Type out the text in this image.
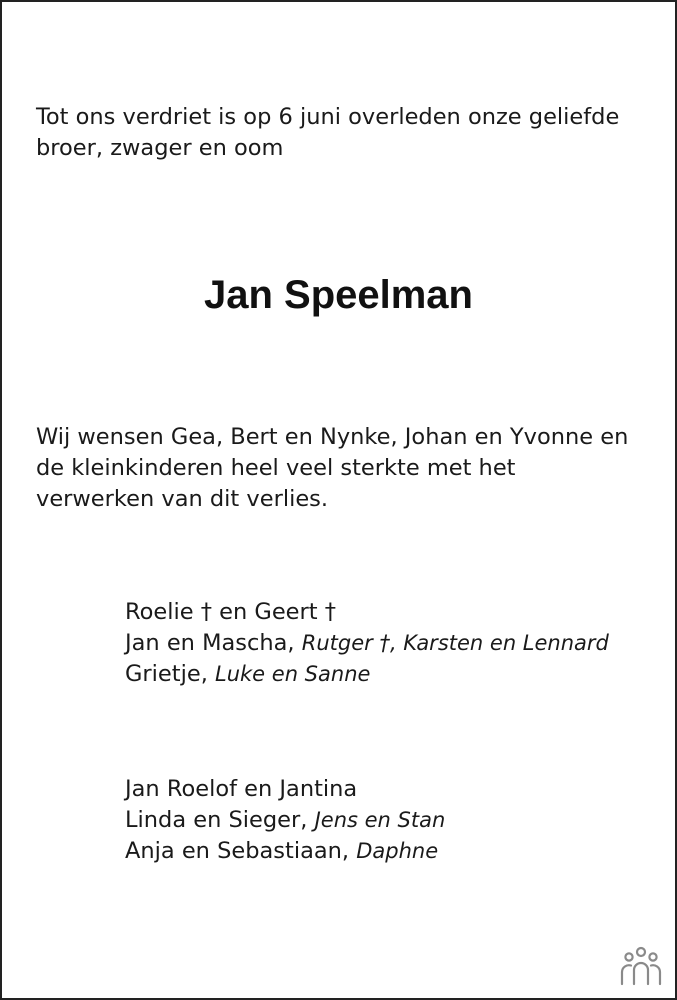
Tot ons verdriet is op 6 juni overleden onze geliefde
broer, zwager en oom

Jan Speelman

Wij wensen Gea, Bert en Nynke, Johan en Yvonne en
de kleinkinderen heel veel sterkte met het
verwerken van dit verlies.

Roelie † en Geert †
Jan en Mascha, Rutger †, Karsten en Lennard
Grietje, Luke en Sanne
Jan Roelof en Jantina
Linda en Sieger, Jens en Stan
Anja en Sebastiaan, Daphne
